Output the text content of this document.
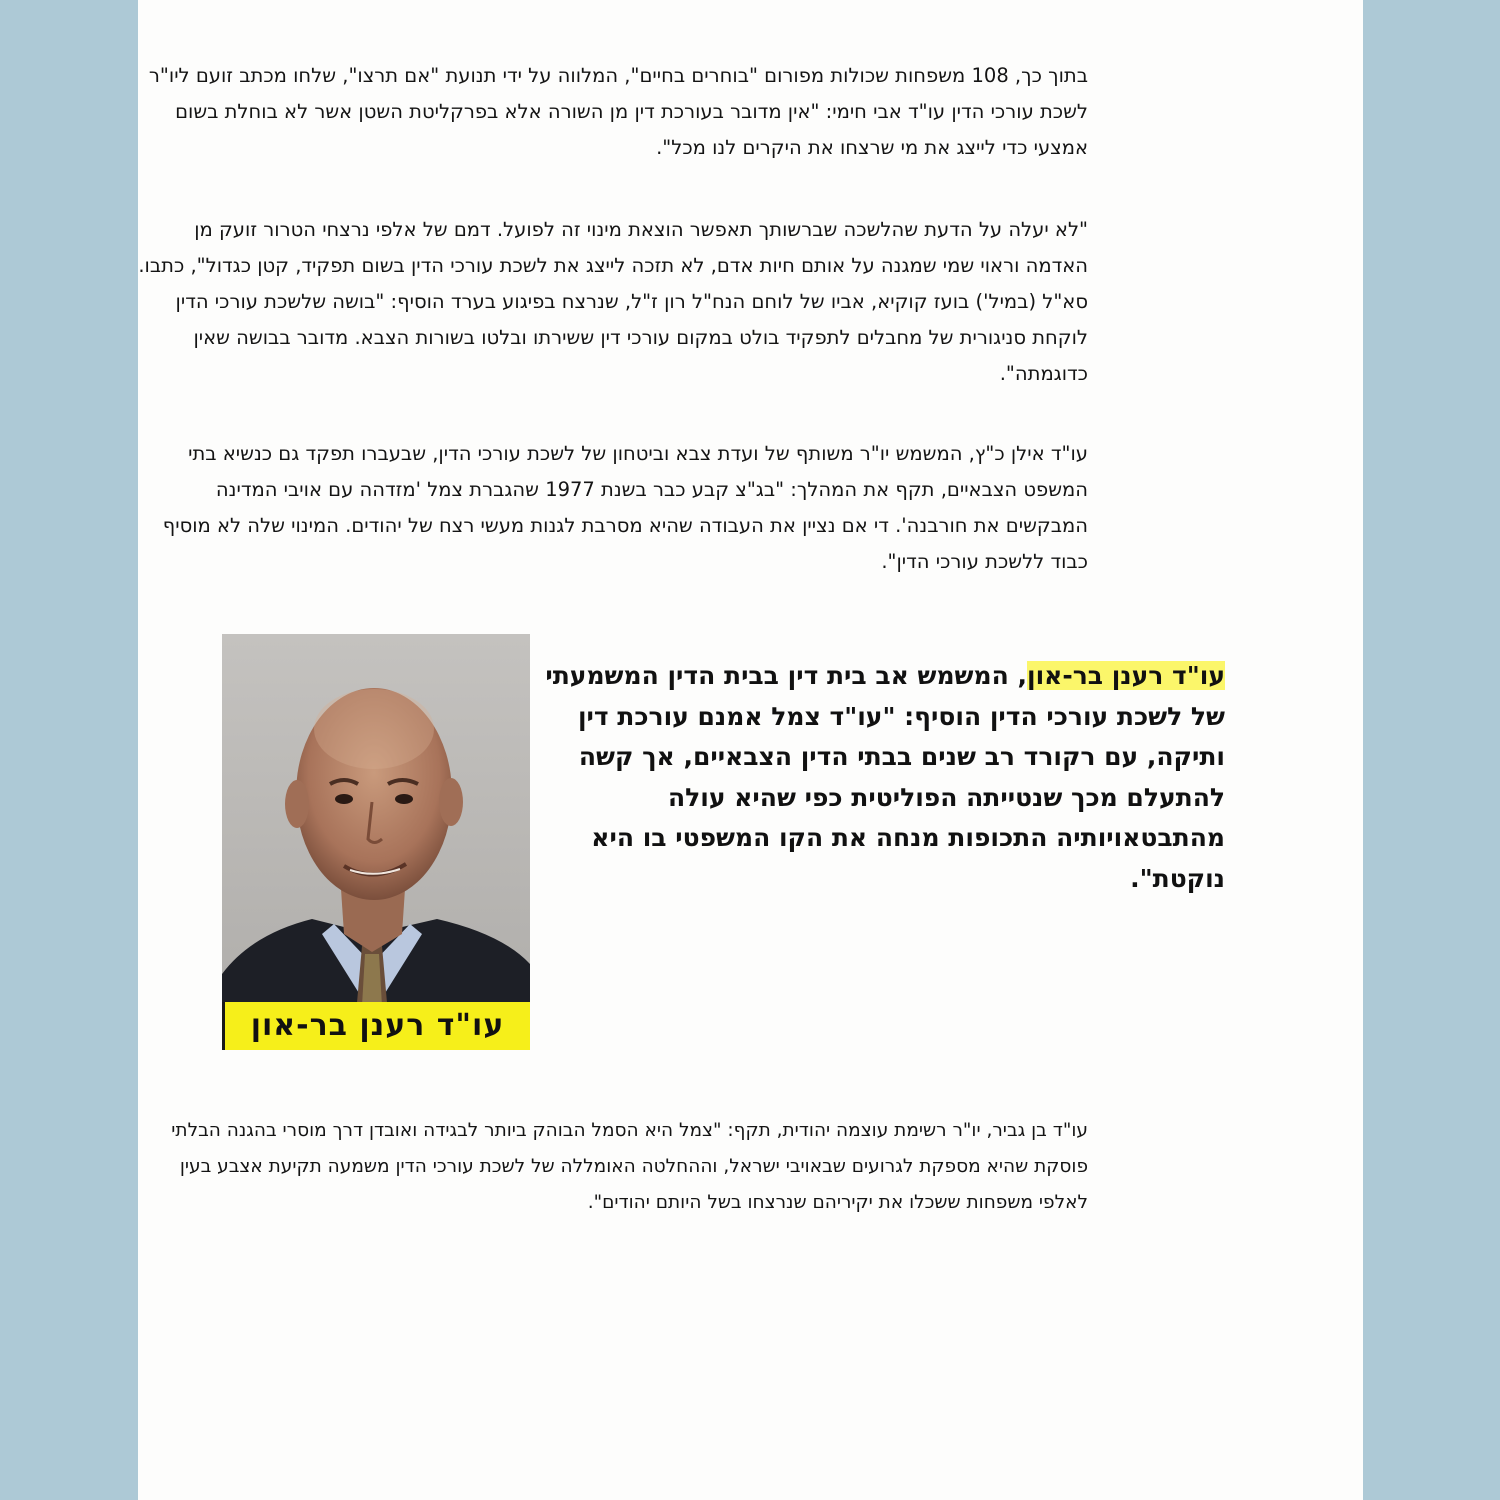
בתוך כך, 108 משפחות שכולות מפורום "בוחרים בחיים", המלווה על ידי תנועת "אם תרצו", שלחו מכתב זועם ליו"ר לשכת עורכי הדין עו"ד אבי חימי: "אין מדובר בעורכת דין מן השורה אלא בפרקליטת השטן אשר לא בוחלת בשום אמצעי כדי לייצג את מי שרצחו את היקרים לנו מכל".

"לא יעלה על הדעת שהלשכה שברשותך תאפשר הוצאת מינוי זה לפועל. דמם של אלפי נרצחי הטרור זועק מן האדמה וראוי שמי שמגנה על אותם חיות אדם, לא תזכה לייצג את לשכת עורכי הדין בשום תפקיד, קטן כגדול", כתבו. סא"ל (במיל') בועז קוקיא, אביו של לוחם הנח"ל רון ז"ל, שנרצח בפיגוע בערד הוסיף: "בושה שלשכת עורכי הדין לוקחת סניגורית של מחבלים לתפקיד בולט במקום עורכי דין ששירתו ובלטו בשורות הצבא. מדובר בבושה שאין כדוגמתה".

עו"ד אילן כ"ץ, המשמש יו"ר משותף של ועדת צבא וביטחון של לשכת עורכי הדין, שבעברו תפקד גם כנשיא בתי המשפט הצבאיים, תקף את המהלך: "בג"צ קבע כבר בשנת 1977 שהגברת צמל 'מזדהה עם אויבי המדינה המבקשים את חורבנה'. די אם נציין את העבודה שהיא מסרבת לגנות מעשי רצח של יהודים. המינוי שלה לא מוסיף כבוד ללשכת עורכי הדין".

עו"ד בן גביר, יו"ר רשימת עוצמה יהודית, תקף: "צמל היא הסמל הבוהק ביותר לבגידה ואובדן דרך מוסרי בהגנה הבלתי פוסקת שהיא מספקת לגרועים שבאויבי ישראל, וההחלטה האומללה של לשכת עורכי הדין משמעה תקיעת אצבע בעין לאלפי משפחות ששכלו את יקיריהם שנרצחו בשל היותם יהודים".

עו"ד רענן בר-און, המשמש אב בית דין בבית הדין המשמעתי של לשכת עורכי הדין הוסיף: "עו"ד צמל אמנם עורכת דין ותיקה, עם רקורד רב שנים בבתי הדין הצבאיים, אך קשה להתעלם מכך שנטייתה הפוליטית כפי שהיא עולה מהתבטאויותיה התכופות מנחה את הקו המשפטי בו היא נוקטת".

עו"ד רענן בר-און
